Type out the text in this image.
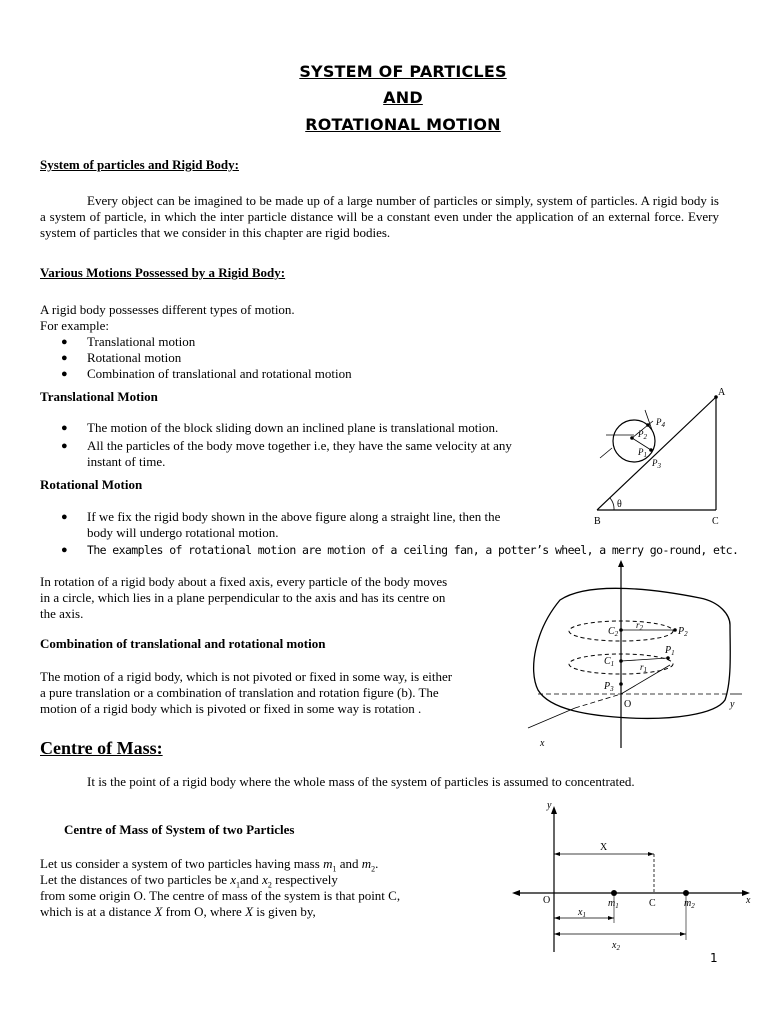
SYSTEM OF PARTICLES
AND
ROTATIONAL MOTION
System of particles and Rigid Body:
Every object can be imagined to be made up of a large number of particles or simply, system of particles. A rigid body is a system of particle, in which the inter particle distance will be a constant even under the application of an external force. Every system of particles that we consider in this chapter are rigid bodies.
Various Motions Possessed by a Rigid Body:
A rigid body possesses different types of motion.
For example:
● Translational motion
● Rotational motion
● Combination of translational and rotational motion
Translational Motion
● The motion of the block sliding down an inclined plane is translational motion.
● All the particles of the body move together i.e, they have the same velocity at any
instant of time.
Rotational Motion
● If we fix the rigid body shown in the above figure along a straight line, then the
body will undergo rotational motion.
● The examples of rotational motion are motion of a ceiling fan, a potter’s wheel, a merry go-round, etc.
In rotation of a rigid body about a fixed axis, every particle of the body moves
in a circle, which lies in a plane perpendicular to the axis and has its centre on
the axis.
Combination of translational and rotational motion
The motion of a rigid body, which is not pivoted or fixed in some way, is either
a pure translation or a combination of translation and rotation figure (b). The
motion of a rigid body which is pivoted or fixed in some way is rotation .
Centre of Mass:
It is the point of a rigid body where the whole mass of the system of particles is assumed to concentrated.
Centre of Mass of System of two Particles
Let us consider a system of two particles having mass $m_1$ and $m_2$.
Let the distances of two particles be $x_1and$ $x_2$ respectively
from some origin O. The centre of mass of the system is that point C,
which is at a distance X from O, where X is given by,
A
B	C
θ
$P_2$
$P_1$
$P_3$
$P_4$
$C_2$
$r_2$	$P_2$
$P_1$
$C_1$	$r_1$
$P_3$
O	y
x
y
x
O
X
$m_1$	C	$m_2$
$x_1$
$x_2$
1
